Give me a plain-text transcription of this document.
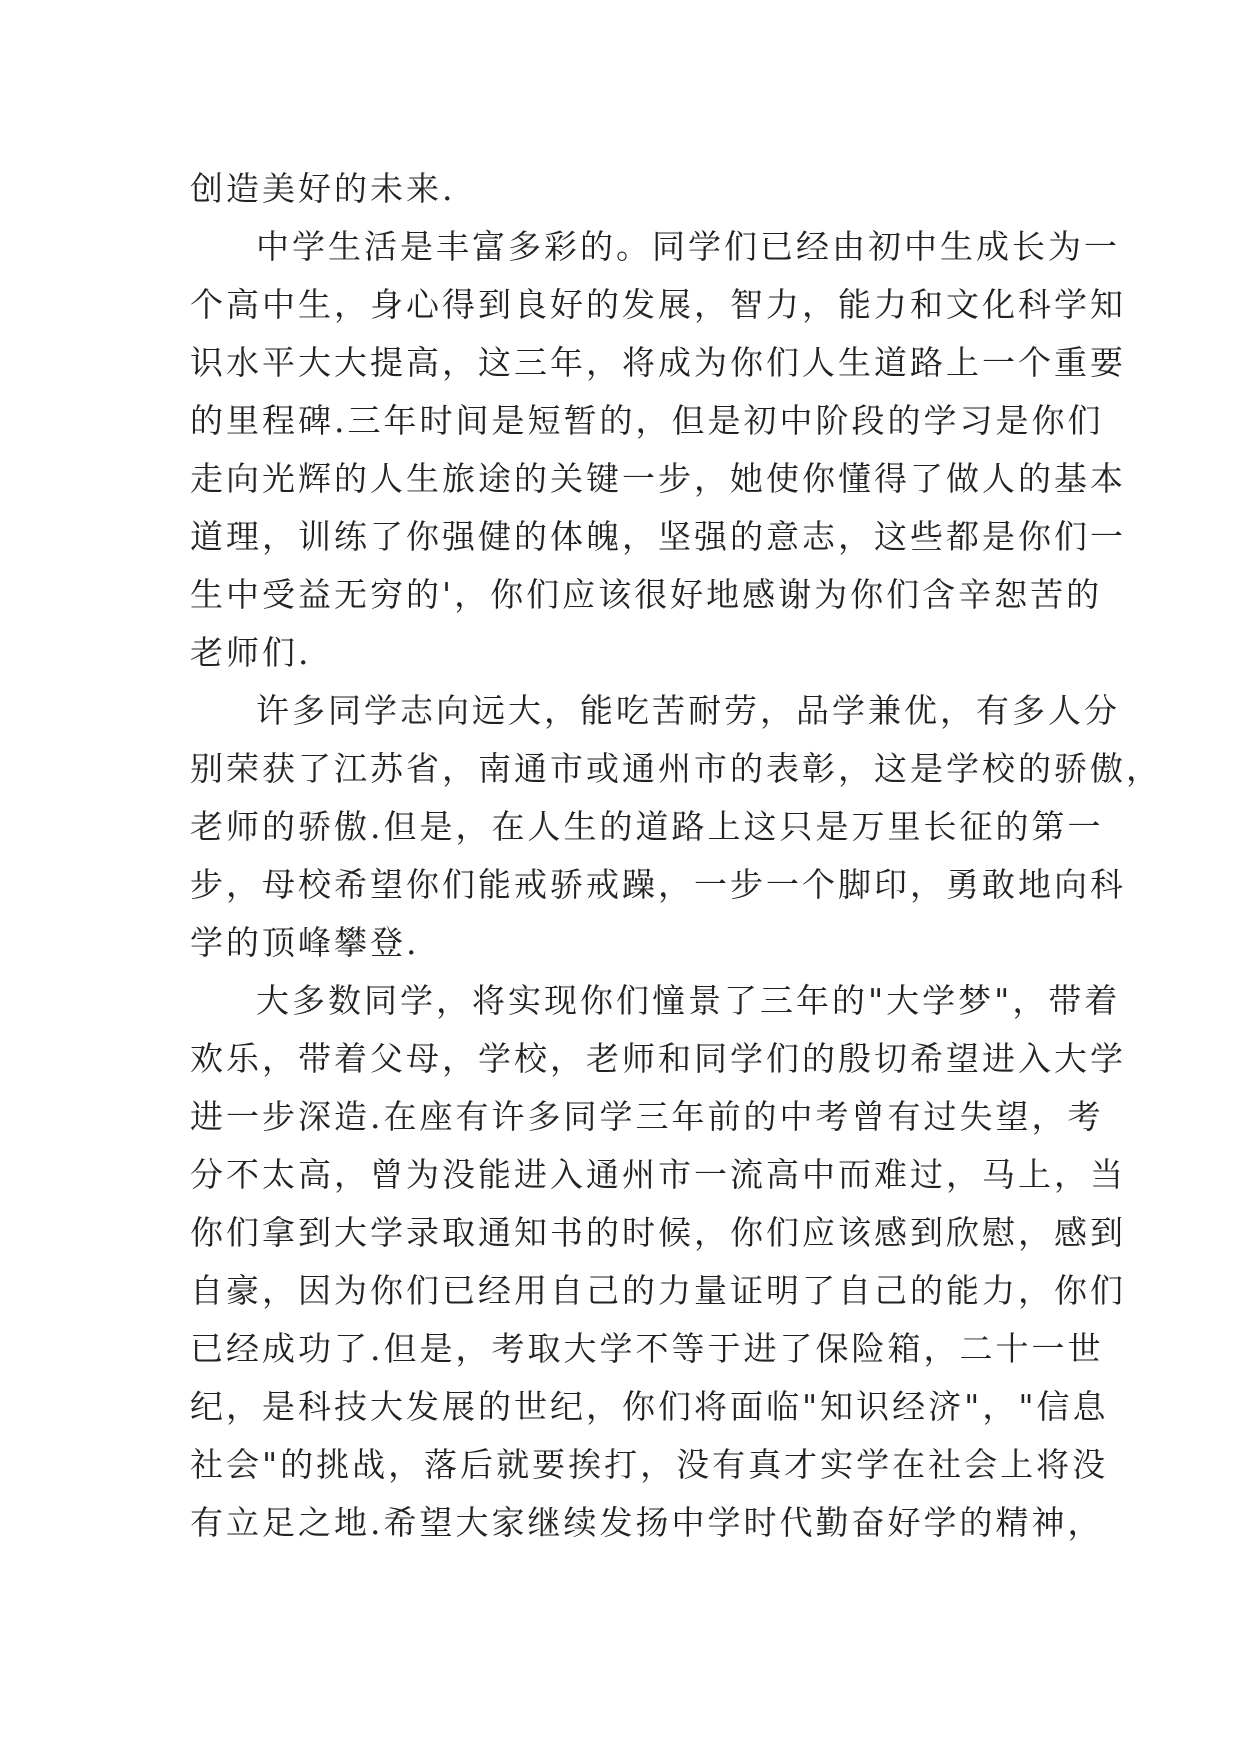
创造美好的未来.
中学生活是丰富多彩的。同学们已经由初中生成长为一
个高中生，身心得到良好的发展，智力，能力和文化科学知
识水平大大提高，这三年，将成为你们人生道路上一个重要
的里程碑.三年时间是短暂的，但是初中阶段的学习是你们
走向光辉的人生旅途的关键一步，她使你懂得了做人的基本
道理，训练了你强健的体魄，坚强的意志，这些都是你们一
生中受益无穷的'，你们应该很好地感谢为你们含辛恕苦的
老师们.
许多同学志向远大，能吃苦耐劳，品学兼优，有多人分
别荣获了江苏省，南通市或通州市的表彰，这是学校的骄傲，
老师的骄傲.但是，在人生的道路上这只是万里长征的第一
步，母校希望你们能戒骄戒躁，一步一个脚印，勇敢地向科
学的顶峰攀登.
大多数同学，将实现你们憧景了三年的"大学梦"，带着
欢乐，带着父母，学校，老师和同学们的殷切希望进入大学
进一步深造.在座有许多同学三年前的中考曾有过失望，考
分不太高，曾为没能进入通州市一流高中而难过，马上，当
你们拿到大学录取通知书的时候，你们应该感到欣慰，感到
自豪，因为你们已经用自己的力量证明了自己的能力，你们
已经成功了.但是，考取大学不等于进了保险箱，二十一世
纪，是科技大发展的世纪，你们将面临"知识经济"，"信息
社会"的挑战，落后就要挨打，没有真才实学在社会上将没
有立足之地.希望大家继续发扬中学时代勤奋好学的精神，
